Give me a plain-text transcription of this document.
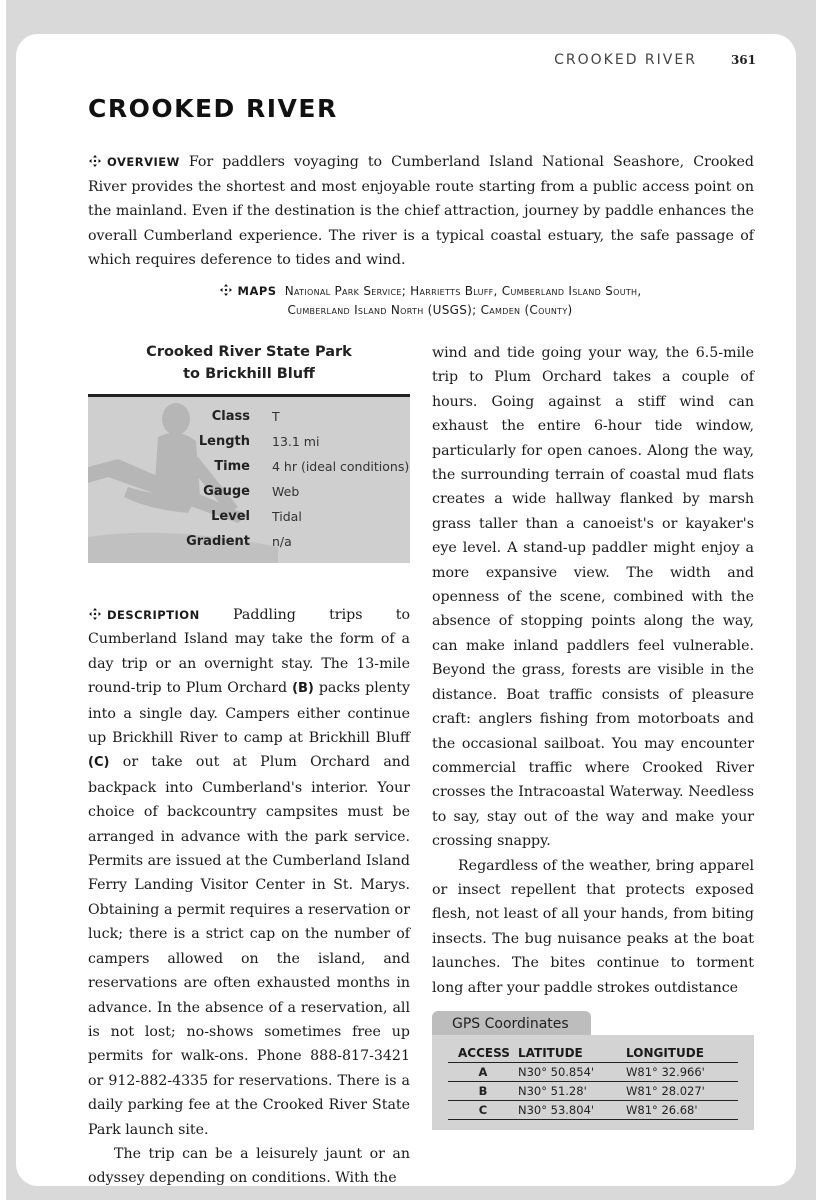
CROOKED RIVER	361
CROOKED RIVER
OVERVIEW For paddlers voyaging to Cumberland Island National Seashore, Crooked River provides the shortest and most enjoyable route starting from a public access point on the mainland. Even if the destination is the chief attraction, journey by paddle enhances the overall Cumberland experience. The river is a typical coastal estuary, the safe passage of which requires deference to tides and wind.
MAPS National Park Service; Harrietts Bluff, Cumberland Island South,
Cumberland Island North (USGS); Camden (County)
Crooked River State Park
to Brickhill Bluff
Class T
Length 13.1 mi
Time 4 hr (ideal conditions)
Gauge Web
Level Tidal
Gradient n/a

DESCRIPTION Paddling trips to Cumberland Island may take the form of a day trip or an overnight stay. The 13-mile round-trip to Plum Orchard (B) packs plenty into a single day. Campers either continue up Brickhill River to camp at Brickhill Bluff (C) or take out at Plum Orchard and backpack into Cumberland's interior. Your choice of backcountry campsites must be arranged in advance with the park service. Permits are issued at the Cumberland Island Ferry Landing Visitor Center in St. Marys. Obtaining a permit requires a reservation or luck; there is a strict cap on the number of campers allowed on the island, and reservations are often exhausted months in advance. In the absence of a reservation, all is not lost; no-shows sometimes free up permits for walk-ons. Phone 888-817-3421 or 912-882-4335 for reservations. There is a daily parking fee at the Crooked River State Park launch site.

The trip can be a leisurely jaunt or an odyssey depending on conditions. With the

wind and tide going your way, the 6.5-mile trip to Plum Orchard takes a couple of hours. Going against a stiff wind can exhaust the entire 6-hour tide window, particularly for open canoes. Along the way, the surrounding terrain of coastal mud flats creates a wide hallway flanked by marsh grass taller than a canoeist's or kayaker's eye level. A stand-up paddler might enjoy a more expansive view. The width and openness of the scene, combined with the absence of stopping points along the way, can make inland paddlers feel vulnerable. Beyond the grass, forests are visible in the distance. Boat traffic consists of pleasure craft: anglers fishing from motorboats and the occasional sailboat. You may encounter commercial traffic where Crooked River crosses the Intracoastal Waterway. Needless to say, stay out of the way and make your crossing snappy.

Regardless of the weather, bring apparel or insect repellent that protects exposed flesh, not least of all your hands, from biting insects. The bug nuisance peaks at the boat launches. The bites continue to torment long after your paddle strokes outdistance

GPS Coordinates
ACCESS	LATITUDE	LONGITUDE
A	N30° 50.854'	W81° 32.966'
B	N30° 51.28'	W81° 28.027'
C	N30° 53.804'	W81° 26.68'
